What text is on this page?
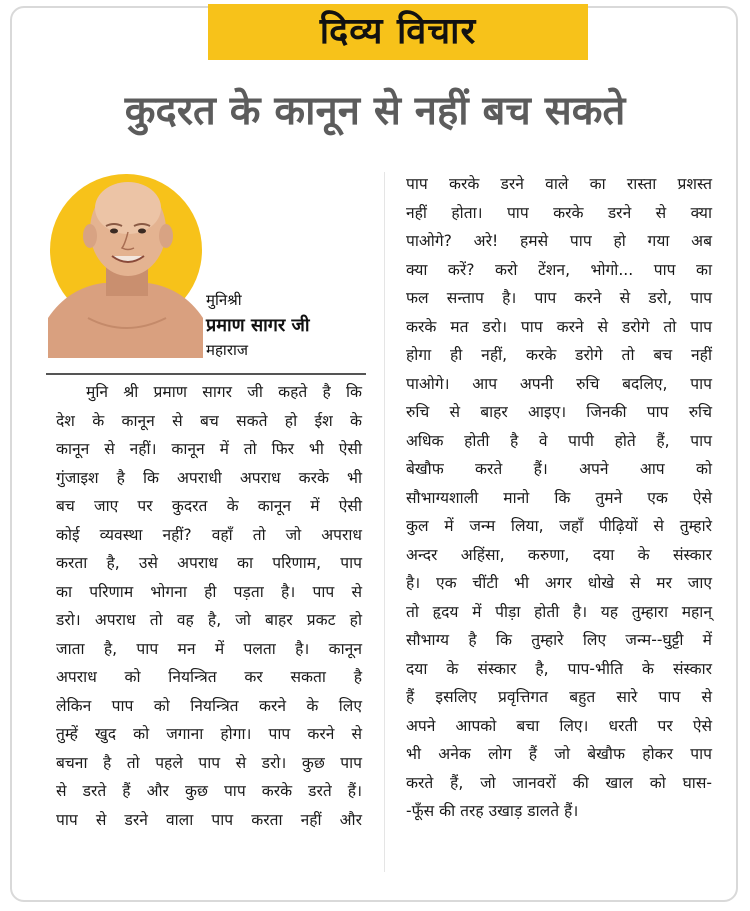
दिव्य विचार
कुदरत के कानून से नहीं बच सकते
मुनिश्री
प्रमाण सागर जी
महाराज
मुनि श्री प्रमाण सागर जी कहते है कि
देश के कानून से बच सकते हो ईश के
कानून से नहीं। कानून में तो फिर भी ऐसी
गुंजाइश है कि अपराधी अपराध करके भी
बच जाए पर कुदरत के कानून में ऐसी
कोई व्यवस्था नहीं? वहाँ तो जो अपराध
करता है, उसे अपराध का परिणाम, पाप
का परिणाम भोगना ही पड़ता है। पाप से
डरो। अपराध तो वह है, जो बाहर प्रकट हो
जाता है, पाप मन में पलता है। कानून
अपराध को नियन्त्रित कर सकता है
लेकिन पाप को नियन्त्रित करने के लिए
तुम्हें खुद को जगाना होगा। पाप करने से
बचना है तो पहले पाप से डरो। कुछ पाप
से डरते हैं और कुछ पाप करके डरते हैं।
पाप से डरने वाला पाप करता नहीं और
पाप करके डरने वाले का रास्ता प्रशस्त
नहीं होता। पाप करके डरने से क्या
पाओगे? अरे! हमसे पाप हो गया अब
क्या करें? करो टेंशन, भोगो... पाप का
फल सन्ताप है। पाप करने से डरो, पाप
करके मत डरो। पाप करने से डरोगे तो पाप
होगा ही नहीं, करके डरोगे तो बच नहीं
पाओगे। आप अपनी रुचि बदलिए, पाप
रुचि से बाहर आइए। जिनकी पाप रुचि
अधिक होती है वे पापी होते हैं, पाप
बेखौफ करते हैं। अपने आप को
सौभाग्यशाली मानो कि तुमने एक ऐसे
कुल में जन्म लिया, जहाँ पीढ़ियों से तुम्हारे
अन्दर अहिंसा, करुणा, दया के संस्कार
है। एक चींटी भी अगर धोखे से मर जाए
तो हृदय में पीड़ा होती है। यह तुम्हारा महान्
सौभाग्य है कि तुम्हारे लिए जन्म--घुट्टी में
दया के संस्कार है, पाप-भीति के संस्कार
हैं इसलिए प्रवृत्तिगत बहुत सारे पाप से
अपने आपको बचा लिए। धरती पर ऐसे
भी अनेक लोग हैं जो बेखौफ होकर पाप
करते हैं, जो जानवरों की खाल को घास-
-फूँस की तरह उखाड़ डालते हैं।
